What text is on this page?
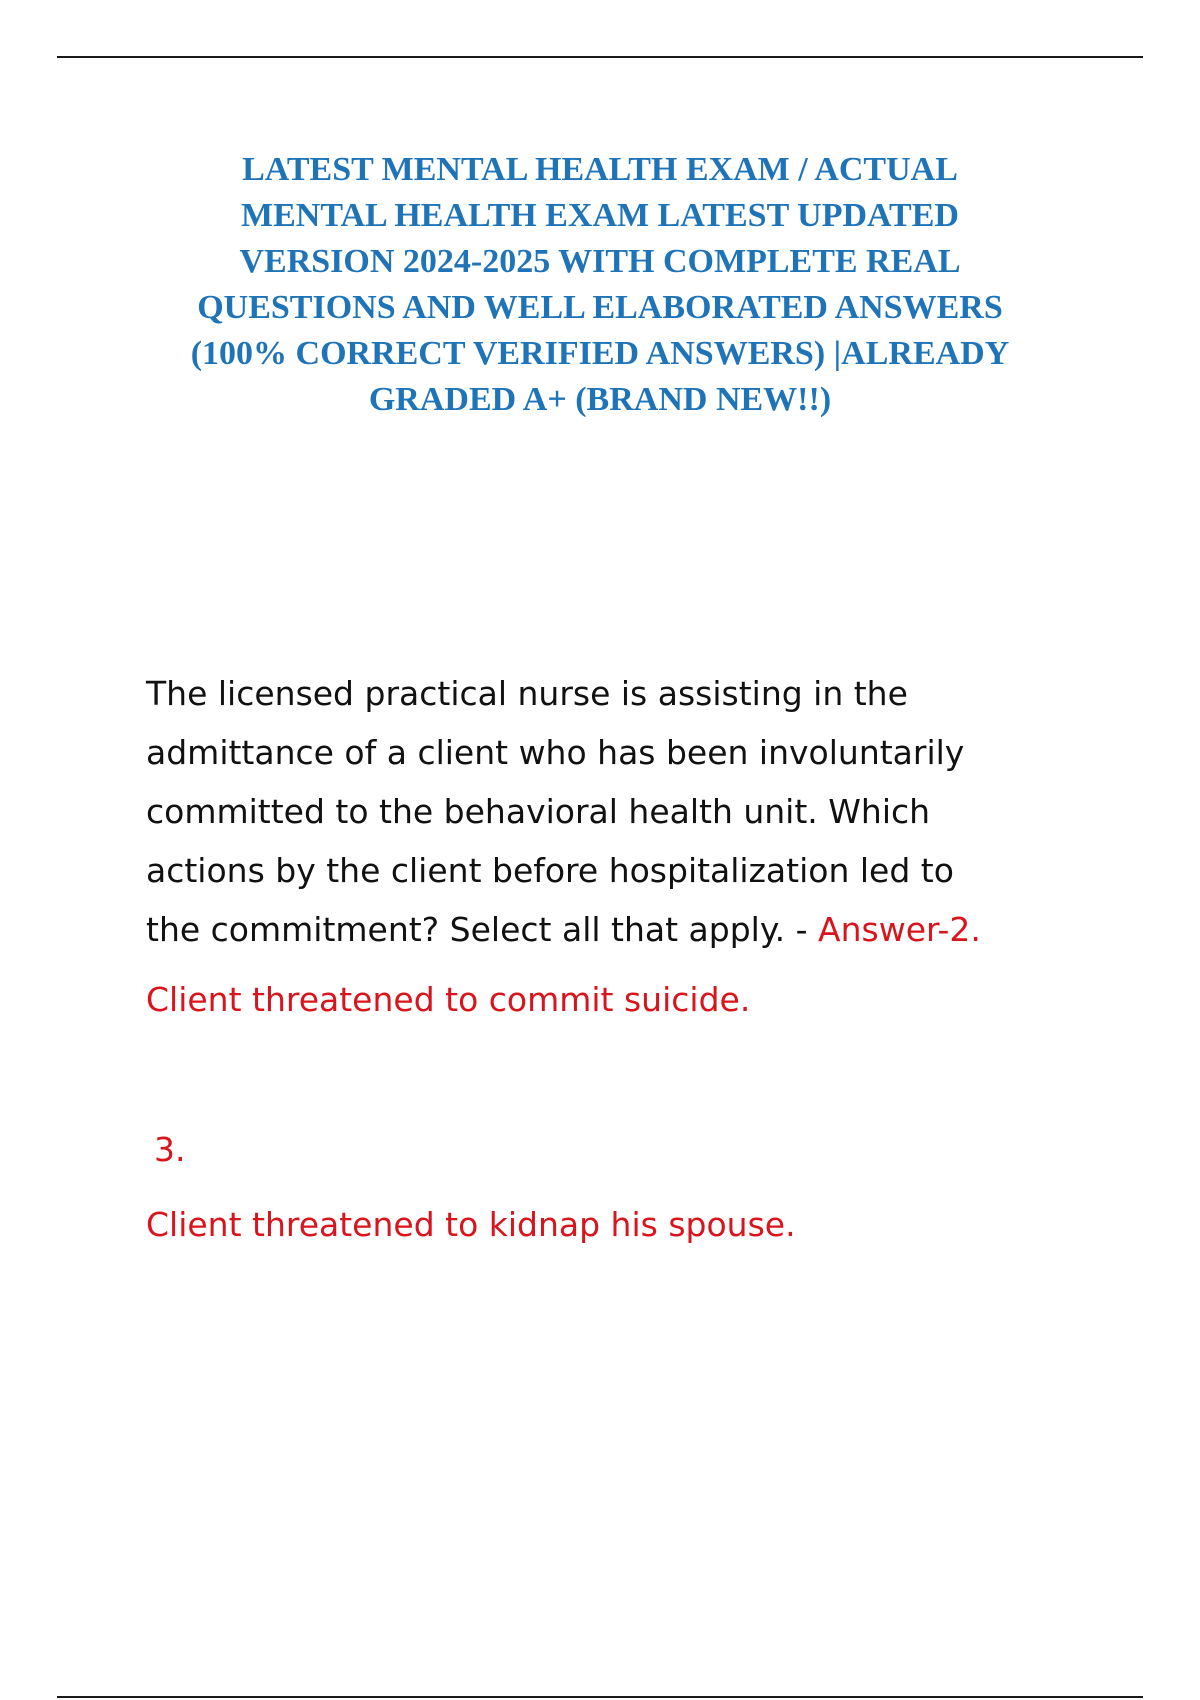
LATEST MENTAL HEALTH EXAM / ACTUAL
MENTAL HEALTH EXAM LATEST UPDATED
VERSION 2024-2025 WITH COMPLETE REAL
QUESTIONS AND WELL ELABORATED ANSWERS
(100% CORRECT VERIFIED ANSWERS) |ALREADY
GRADED A+ (BRAND NEW!!)

The licensed practical nurse is assisting in the
admittance of a client who has been involuntarily
committed to the behavioral health unit. Which
actions by the client before hospitalization led to
the commitment? Select all that apply. - Answer-2.

Client threatened to commit suicide.

3.

Client threatened to kidnap his spouse.
